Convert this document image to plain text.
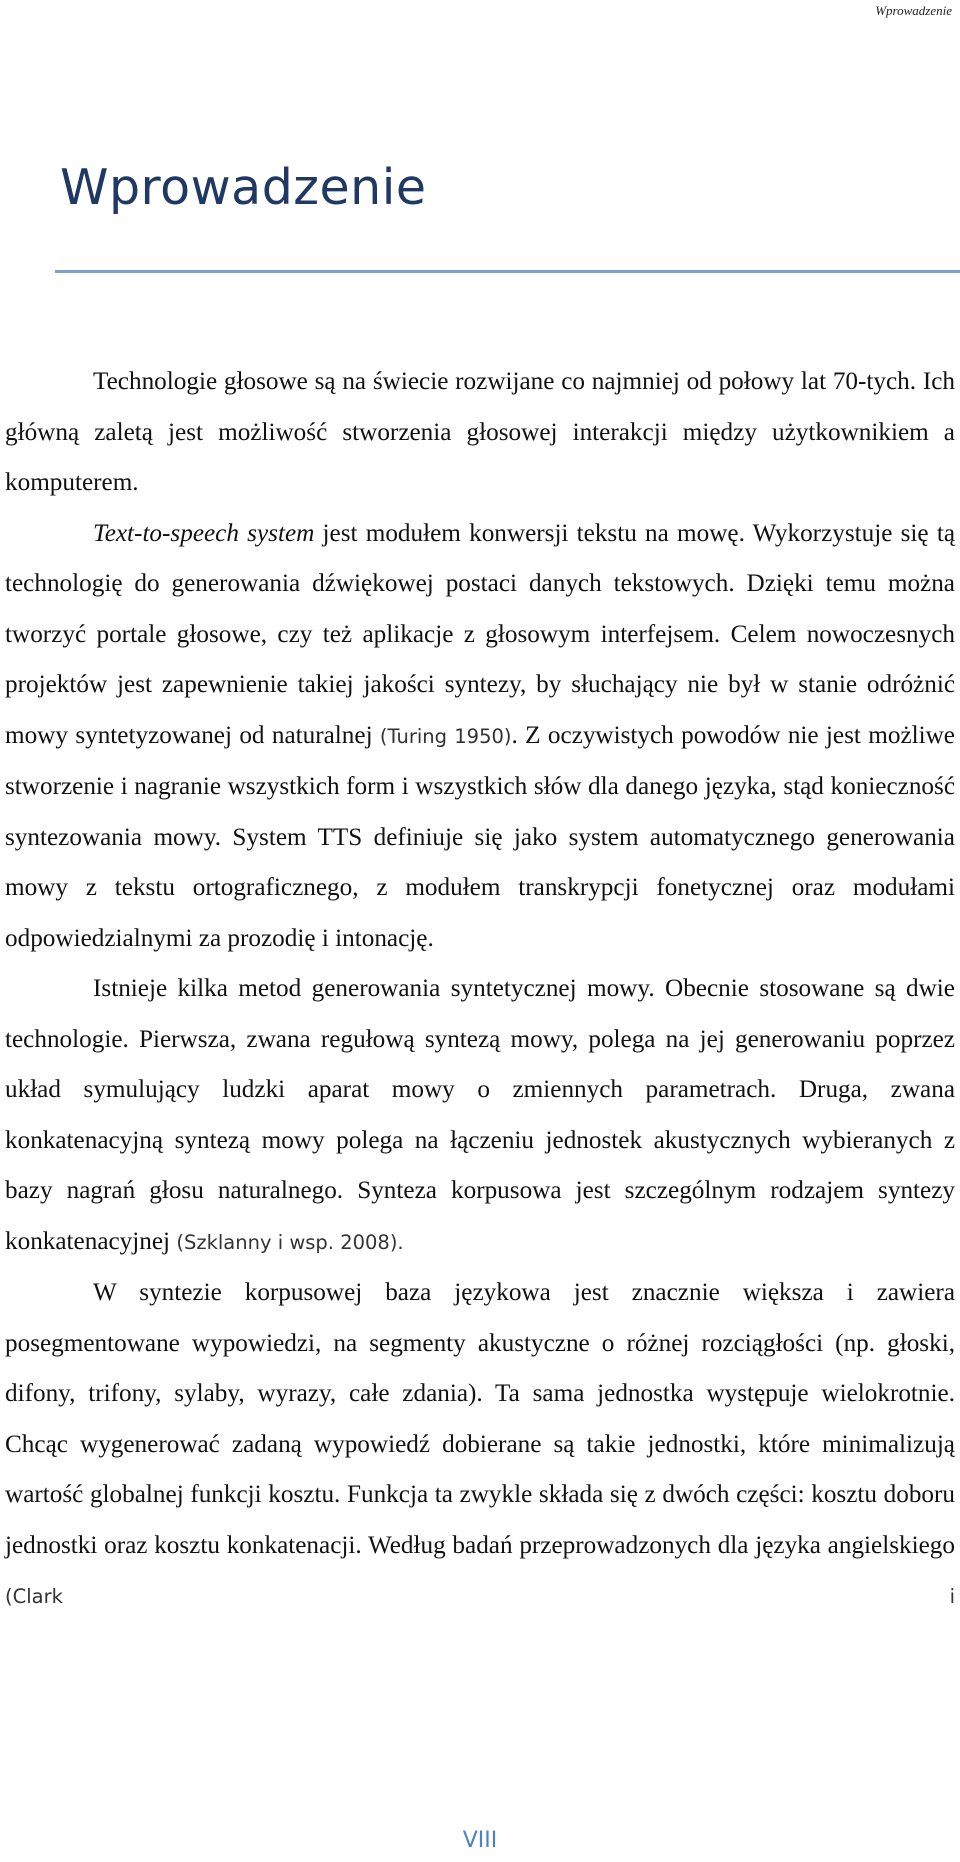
Wprowadzenie
Wprowadzenie

Technologie głosowe są na świecie rozwijane co najmniej od połowy lat 70-tych. Ich główną zaletą jest możliwość stworzenia głosowej interakcji między użytkownikiem a komputerem.

Text-to-speech system jest modułem konwersji tekstu na mowę. Wykorzystuje się tą technologię do generowania dźwiękowej postaci danych tekstowych. Dzięki temu można tworzyć portale głosowe, czy też aplikacje z głosowym interfejsem. Celem nowoczesnych projektów jest zapewnienie takiej jakości syntezy, by słuchający nie był w stanie odróżnić mowy syntetyzowanej od naturalnej (Turing 1950). Z oczywistych powodów nie jest możliwe stworzenie i nagranie wszystkich form i wszystkich słów dla danego języka, stąd konieczność syntezowania mowy. System TTS definiuje się jako system automatycznego generowania mowy z tekstu ortograficznego, z modułem transkrypcji fonetycznej oraz modułami odpowiedzialnymi za prozodię i intonację.

Istnieje kilka metod generowania syntetycznej mowy. Obecnie stosowane są dwie technologie. Pierwsza, zwana regułową syntezą mowy, polega na jej generowaniu poprzez układ symulujący ludzki aparat mowy o zmiennych parametrach. Druga, zwana konkatenacyjną syntezą mowy polega na łączeniu jednostek akustycznych wybieranych z bazy nagrań głosu naturalnego. Synteza korpusowa jest szczególnym rodzajem syntezy konkatenacyjnej (Szklanny i wsp. 2008).

W syntezie korpusowej baza językowa jest znacznie większa i zawiera posegmentowane wypowiedzi, na segmenty akustyczne o różnej rozciągłości (np. głoski, difony, trifony, sylaby, wyrazy, całe zdania). Ta sama jednostka występuje wielokrotnie. Chcąc wygenerować zadaną wypowiedź dobierane są takie jednostki, które minimalizują wartość globalnej funkcji kosztu. Funkcja ta zwykle składa się z dwóch części: kosztu doboru jednostki oraz kosztu konkatenacji. Według badań przeprowadzonych dla języka angielskiego (Clark i

VIII
